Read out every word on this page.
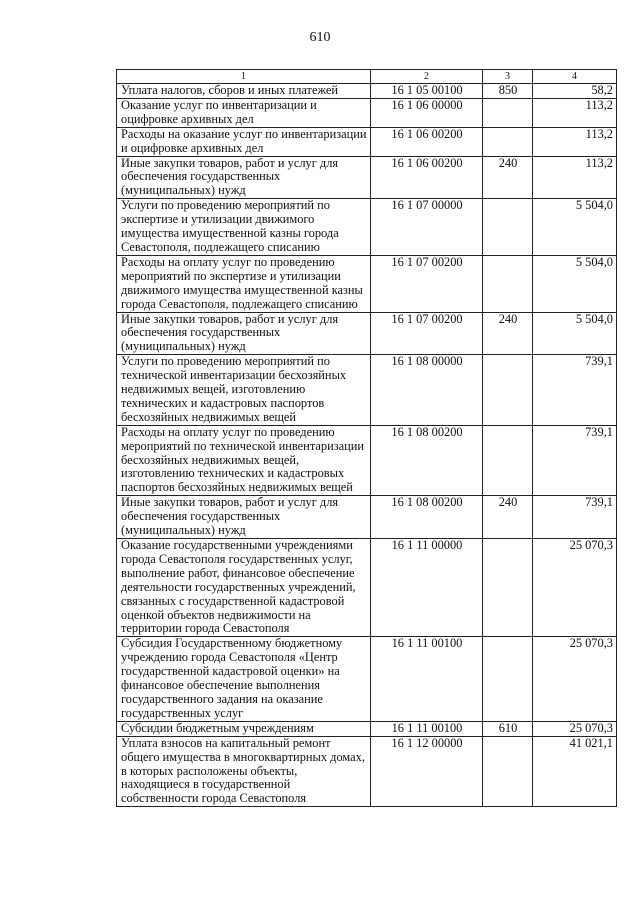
610
1	2	3	4
Уплата налогов, сборов и иных платежей	16 1 05 00100	850	58,2
Оказание услуг по инвентаризации и оцифровке архивных дел	16 1 06 00000		113,2
Расходы на оказание услуг по инвентаризации и оцифровке архивных дел	16 1 06 00200		113,2
Иные закупки товаров, работ и услуг для обеспечения государственных (муниципальных) нужд	16 1 06 00200	240	113,2
Услуги по проведению мероприятий по экспертизе и утилизации движимого имущества имущественной казны города Севастополя, подлежащего списанию	16 1 07 00000		5 504,0
Расходы на оплату услуг по проведению мероприятий по экспертизе и утилизации движимого имущества имущественной казны города Севастополя, подлежащего списанию	16 1 07 00200		5 504,0
Иные закупки товаров, работ и услуг для обеспечения государственных (муниципальных) нужд	16 1 07 00200	240	5 504,0
Услуги по проведению мероприятий по технической инвентаризации бесхозяйных недвижимых вещей, изготовлению технических и кадастровых паспортов бесхозяйных недвижимых вещей	16 1 08 00000		739,1
Расходы на оплату услуг по проведению мероприятий по технической инвентаризации бесхозяйных недвижимых вещей, изготовлению технических и кадастровых паспортов бесхозяйных недвижимых вещей	16 1 08 00200		739,1
Иные закупки товаров, работ и услуг для обеспечения государственных (муниципальных) нужд	16 1 08 00200	240	739,1
Оказание государственными учреждениями города Севастополя государственных услуг, выполнение работ, финансовое обеспечение деятельности государственных учреждений, связанных с государственной кадастровой оценкой объектов недвижимости на территории города Севастополя	16 1 11 00000		25 070,3
Субсидия Государственному бюджетному учреждению города Севастополя «Центр государственной кадастровой оценки» на финансовое обеспечение выполнения государственного задания на оказание государственных услуг	16 1 11 00100		25 070,3
Субсидии бюджетным учреждениям	16 1 11 00100	610	25 070,3
Уплата взносов на капитальный ремонт общего имущества в многоквартирных домах, в которых расположены объекты, находящиеся в государственной собственности города Севастополя	16 1 12 00000		41 021,1
